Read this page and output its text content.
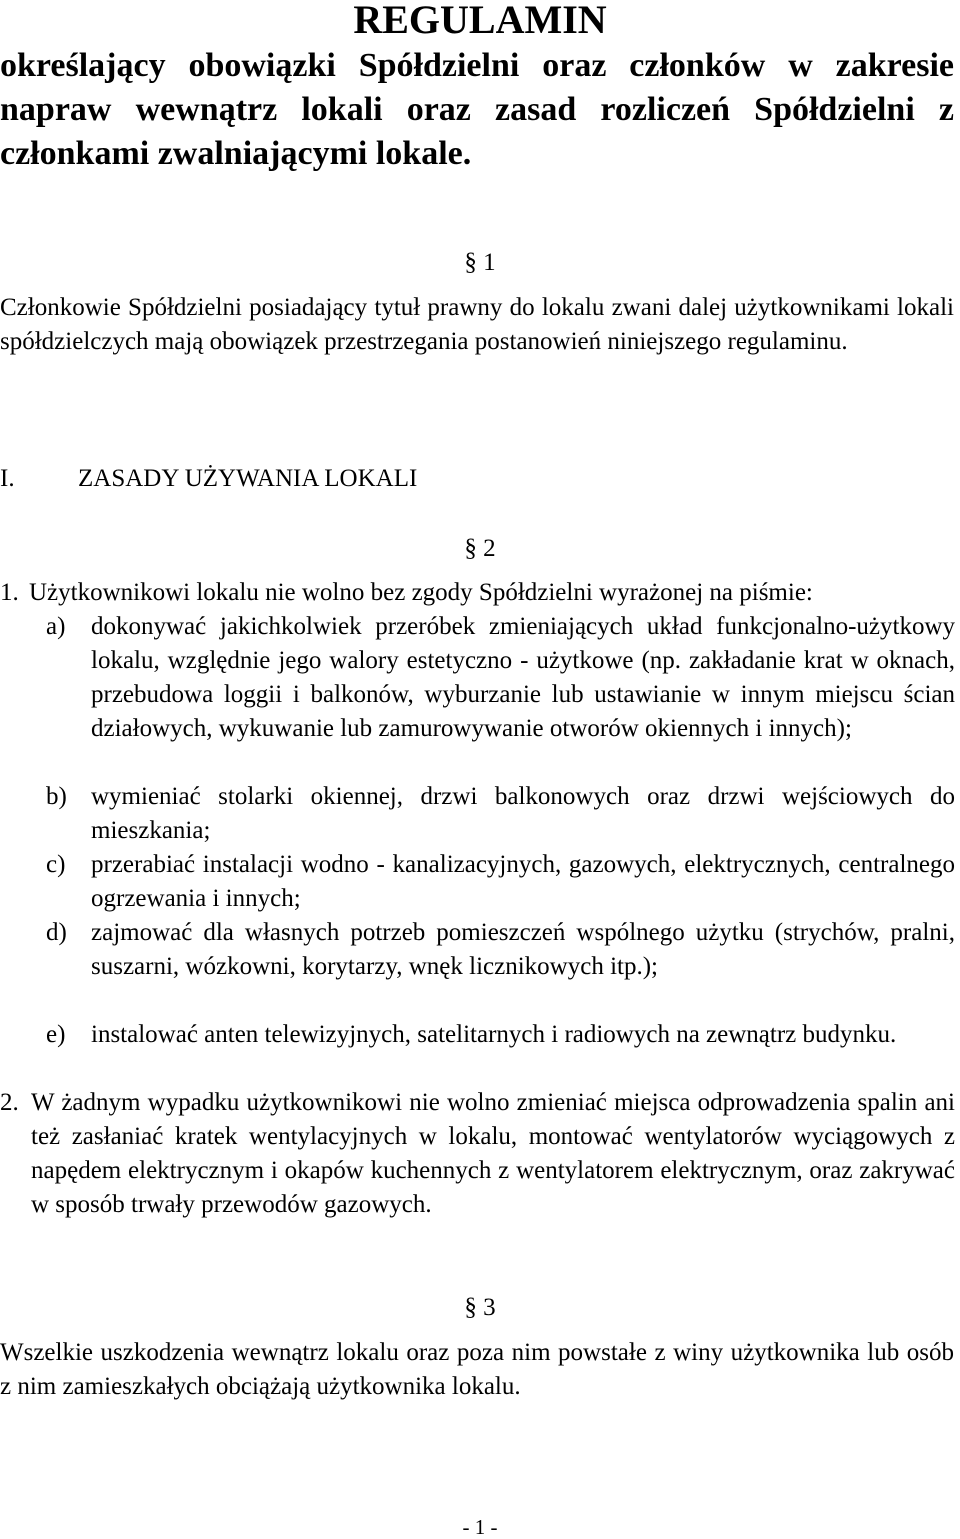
REGULAMIN
określający obowiązki Spółdzielni oraz członków w zakresie napraw wewnątrz lokali oraz zasad rozliczeń Spółdzielni z członkami zwalniającymi lokale.
§ 1
Członkowie Spółdzielni posiadający tytuł prawny do lokalu zwani dalej użytkownikami lokali spółdzielczych mają obowiązek przestrzegania postanowień niniejszego regulaminu.
I.	ZASADY UŻYWANIA LOKALI
§ 2
1. Użytkownikowi lokalu nie wolno bez zgody Spółdzielni wyrażonej na piśmie:
a) dokonywać jakichkolwiek przeróbek zmieniających układ funkcjonalno-użytkowy lokalu, względnie jego walory estetyczno - użytkowe (np. zakładanie krat w oknach, przebudowa loggii i balkonów, wyburzanie lub ustawianie w innym miejscu ścian działowych, wykuwanie lub zamurowywanie otworów okiennych i innych);
b) wymieniać stolarki okiennej, drzwi balkonowych oraz drzwi wejściowych do mieszkania;
c) przerabiać instalacji wodno - kanalizacyjnych, gazowych, elektrycznych, centralnego ogrzewania i innych;
d) zajmować dla własnych potrzeb pomieszczeń wspólnego użytku (strychów, pralni, suszarni, wózkowni, korytarzy, wnęk licznikowych itp.);
e) instalować anten telewizyjnych, satelitarnych i radiowych na zewnątrz budynku.
2. W żadnym wypadku użytkownikowi nie wolno zmieniać miejsca odprowadzenia spalin ani też zasłaniać kratek wentylacyjnych w lokalu, montować wentylatorów wyciągowych z napędem elektrycznym i okapów kuchennych z wentylatorem elektrycznym, oraz zakrywać w sposób trwały przewodów gazowych.
§ 3
Wszelkie uszkodzenia wewnątrz lokalu oraz poza nim powstałe z winy użytkownika lub osób z nim zamieszkałych obciążają użytkownika lokalu.
- 1 -
